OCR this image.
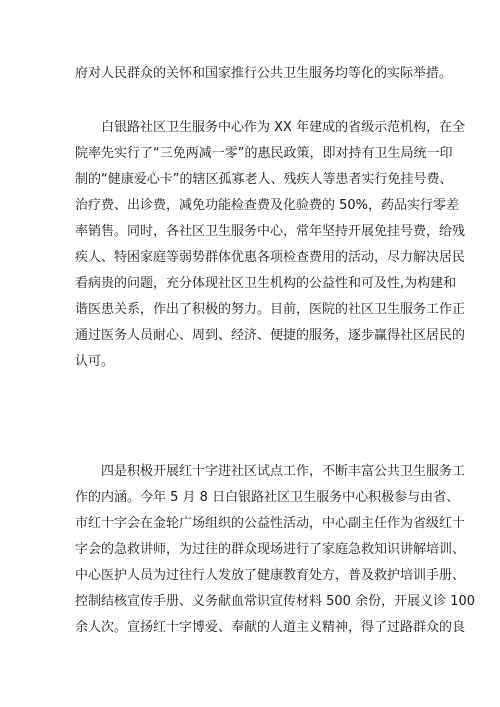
府对人民群众的关怀和国家推行公共卫生服务均等化的实际举措。
白银路社区卫生服务中心作为 XX 年建成的省级示范机构，在全
院率先实行了“三免两减一零”的惠民政策，即对持有卫生局统一印
制的“健康爱心卡”的辖区孤寡老人、残疾人等患者实行免挂号费、
治疗费、出诊费，减免功能检查费及化验费的 50%，药品实行零差
率销售。同时，各社区卫生服务中心，常年坚持开展免挂号费，给残
疾人、特困家庭等弱势群体优惠各项检查费用的活动，尽力解决居民
看病贵的问题，充分体现社区卫生机构的公益性和可及性,为构建和
谐医患关系，作出了积极的努力。目前，医院的社区卫生服务工作正
通过医务人员耐心、周到、经济、便捷的服务，逐步赢得社区居民的
认可。
四是积极开展红十字进社区试点工作，不断丰富公共卫生服务工
作的内涵。今年 5 月 8 日白银路社区卫生服务中心积极参与由省、
市红十字会在金轮广场组织的公益性活动，中心副主任作为省级红十
字会的急救讲师，为过往的群众现场进行了家庭急救知识讲解培训、
中心医护人员为过往行人发放了健康教育处方，普及救护培训手册、
控制结核宣传手册、义务献血常识宣传材料 500 余份，开展义诊 100
余人次。宣扬红十字博爱、奉献的人道主义精神，得了过路群众的良
